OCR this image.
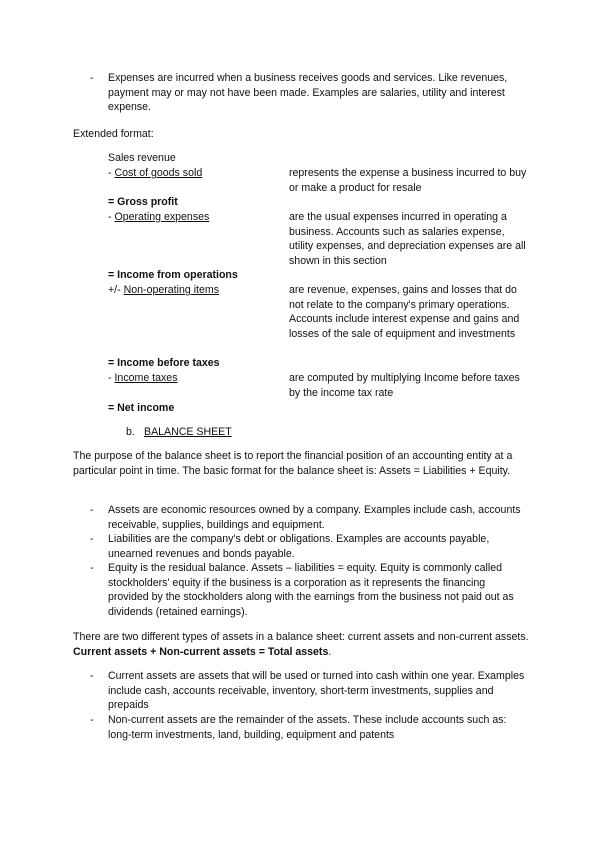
- Expenses are incurred when a business receives goods and services. Like revenues, payment may or may not have been made. Examples are salaries, utility and interest expense.
Extended format:
Sales revenue
- Cost of goods sold	represents the expense a business incurred to buy or make a product for resale
= Gross profit
- Operating expenses	are the usual expenses incurred in operating a business. Accounts such as salaries expense, utility expenses, and depreciation expenses are all shown in this section
= Income from operations
+/- Non-operating items	are revenue, expenses, gains and losses that do not relate to the company's primary operations. Accounts include interest expense and gains and losses of the sale of equipment and investments
= Income before taxes
- Income taxes	are computed by multiplying Income before taxes by the income tax rate
= Net income
b. BALANCE SHEET
The purpose of the balance sheet is to report the financial position of an accounting entity at a particular point in time. The basic format for the balance sheet is: Assets = Liabilities + Equity.
- Assets are economic resources owned by a company. Examples include cash, accounts receivable, supplies, buildings and equipment.
- Liabilities are the company's debt or obligations. Examples are accounts payable, unearned revenues and bonds payable.
- Equity is the residual balance. Assets – liabilities = equity. Equity is commonly called stockholders' equity if the business is a corporation as it represents the financing provided by the stockholders along with the earnings from the business not paid out as dividends (retained earnings).
There are two different types of assets in a balance sheet: current assets and non-current assets. Current assets + Non-current assets = Total assets.
- Current assets are assets that will be used or turned into cash within one year. Examples include cash, accounts receivable, inventory, short-term investments, supplies and prepaids
- Non-current assets are the remainder of the assets. These include accounts such as: long-term investments, land, building, equipment and patents
